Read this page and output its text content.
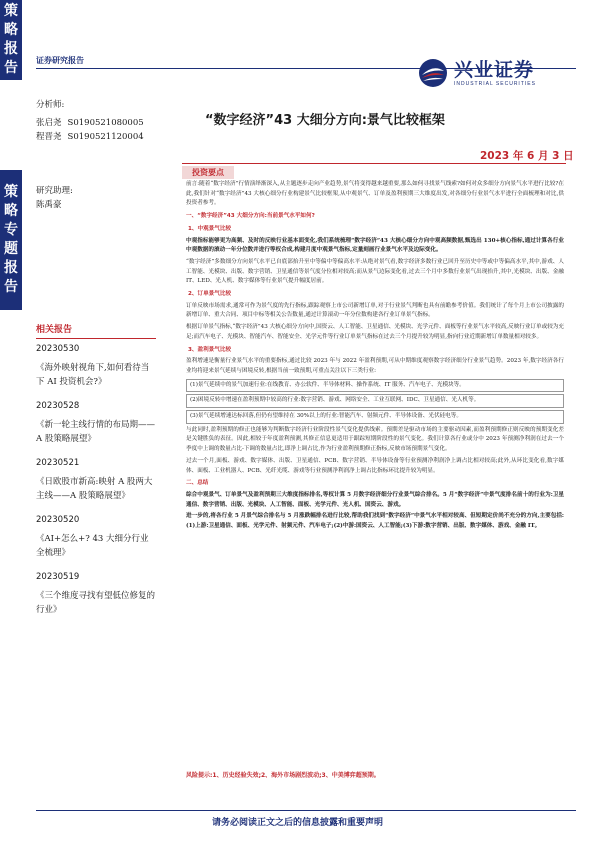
策
略
报
告
策
略
专
题
报
告
证券研究报告	兴业证券
INDUSTRIAL SECURITIES
分析师:
张启尧 S0190521080005
程晋尧 S0190521120004
研究助理:
陈禹豪
相关报告
20230530
《海外映射视角下,如何看待当下 AI 投资机会?》
20230528
《新一轮主线行情的布局期——A 股策略展望》
20230521
《日欧股市新高:映射 A 股两大主线——A 股策略展望》
20230520
《AI+怎么+? 43 大细分行业全梳理》
20230519
《三个维度寻找有望低位修复的行业》
“数字经济”43 大细分方向:景气比较框架
2023 年 6 月 3 日
投资要点

前言:随着“数字经济”行情演绎渐深入,从主题逐步走向产业趋势,景气将变得越来越重要,那么如何寻找景气线索?如何对众多细分方向景气水平进行比较?在此,我们针对“数字经济”43 大核心细分行业构建景气比较框架,从中观景气、订单及盈利预期三大维度出发,对各细分行业景气水平进行全面梳理和对比,供投资者参考。

一、“数字经济”43 大细分方向:当前景气水平如何?
1、中观景气比较

中观指标能够更为高频、及时的反映行业基本面变化,我们系统梳理“数字经济”43 大核心细分方向中观高频数据,甄选出 130+核心指标,通过计算各行业中观数据的滚动一年分位数并进行等权合成,构建月度中观景气指标,定量刻画行业景气水平及边际变化。

“数字经济”多数细分方向景气水平已自底部抬升至中等偏中等偏高水平:从绝对景气看,数字经济多数行业已回升至历史中等或中等偏高水平,其中,游戏、人工智能、光模块、出版、数字营销、卫星通信等景气度分位相对较高;而从景气边际变化看,过去三个月中多数行业景气出现抬升,其中,光模块、出版、金融 IT、LED、光人机、数字媒体等行业景气提升幅度居前。

2、订单景气比较

订单反映市场需求,通常可作为景气度的先行指标,跟踪观察上市公司新增订单,对于行业景气判断也具有前瞻参考价值。我们统计了每个月上市公司披露的新增订单、重大合同、项目中标等相关公告数量,通过计算滚动一年分位数构建各行业订单景气指标。

根据订单景气指标,“数字经济”43 大核心细分方向中,国资云、人工智能、卫星通信、光模块、光学元件、面板等行业景气水平较高,反映行业订单或较为充足;而汽车电子、光模块、智能汽车、智能安全、光学元件等行业订单景气指标在过去三个月提升较为明显,指向行业近期新增订单数量相对较多。

3、盈利景气比较

盈利增速是衡量行业景气水平的重要指标,通过比较 2023 年与 2022 年盈利预期,可从中期维度观察数字经济细分行业景气趋势。2023 年,数字经济各行业均将迎来景气延续与困境反转,根据当前一致预期,可重点关注以下三类行业:

(1)景气延续中的景气加速行业:在线教育、办公软件、半导体材料、操作系统、IT 服务、汽车电子、光模块等。
(2)困境反转中增速在盈利预期中较高的行业:数字营销、游戏、网络安全、工业互联网、IDC、卫星通信、光人机等。
(3)景气延续增速达标回落,但仍有望维持在 30%以上的行业:智能汽车、射频元件、半导体设备、光伏硅电等。

与此同时,盈利预期的修正也能够为判断数字经济行业阶段性景气变化提供线索。预期差是驱动市场的主要驱动因素,而盈利预期修正则反映的预期变化差是关键胜负的表征。因此,相较于年度盈利预测,其修正信息更适用于跟踪短期阶段性的景气变化。我们计算各行业或分中 2023 年预测净利润在过去一个季度中上调的数量占比-下调的数量占比,即净上调占比,作为行业盈利预期修正指标,反映市场预期景气变化。

过去一个月,面板、游戏、数字媒体、出版、卫星通信、PCB、数字营销、半导体设备等行业预测净利润净上调占比相对较高;此外,从环比变化看,数字媒体、面板、工业机器人、PCB、光纤光缆、游戏等行业预测净利润净上调占比指标环比提升较为明显。

二、总结

综合中观景气、订单景气及盈利预期三大维度指标排名,等权计算 5 月数字经济细分行业景气综合排名。5 月“数字经济”中景气度排名前十的行业为:卫星通信、数字营销、出版、光模块、人工智能、面板、光学元件、光人机、国资云、游戏。

进一步的,将各行业 5 月景气综合排名与 5 月涨跌幅排名进行比较,帮助我们找到“数字经济”中景气水平相对较高、但短期定价尚不充分的方向,主要包括:(1)上游:卫星通信、面板、光学元件、射频元件、汽车电子;(2)中游:国资云、人工智能;(3)下游:数字营销、出版、数字媒体、游戏、金融 IT。

风险提示:1、历史经验失效;2、海外市场剧烈波动;3、中美博弈超预期。
请务必阅读正文之后的信息披露和重要声明
